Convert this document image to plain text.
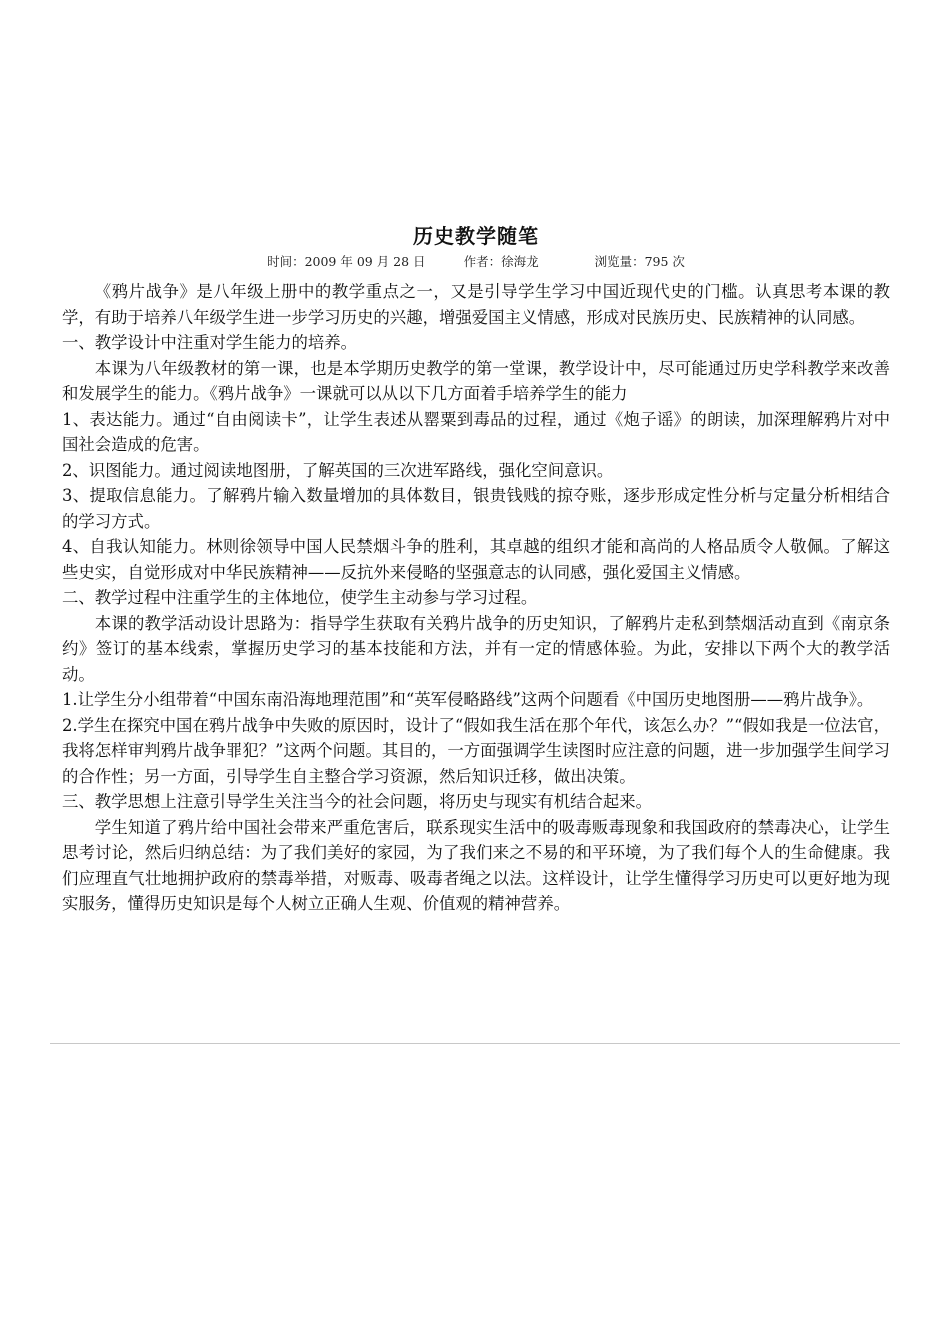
历史教学随笔
时间：2009 年 09 月 28 日	作者：徐海龙	浏览量：795 次

《鸦片战争》是八年级上册中的教学重点之一，又是引导学生学习中国近现代史的门槛。认真思考本课的教学，有助于培养八年级学生进一步学习历史的兴趣，增强爱国主义情感，形成对民族历史、民族精神的认同感。

一、教学设计中注重对学生能力的培养。

本课为八年级教材的第一课，也是本学期历史教学的第一堂课，教学设计中，尽可能通过历史学科教学来改善和发展学生的能力。《鸦片战争》一课就可以从以下几方面着手培养学生的能力

1、表达能力。通过“自由阅读卡”，让学生表述从罂粟到毒品的过程，通过《炮子谣》的朗读，加深理解鸦片对中国社会造成的危害。

2、识图能力。通过阅读地图册，了解英国的三次进军路线，强化空间意识。

3、提取信息能力。了解鸦片输入数量增加的具体数目，银贵钱贱的掠夺账，逐步形成定性分析与定量分析相结合的学习方式。

4、自我认知能力。林则徐领导中国人民禁烟斗争的胜利，其卓越的组织才能和高尚的人格品质令人敬佩。了解这些史实，自觉形成对中华民族精神——反抗外来侵略的坚强意志的认同感，强化爱国主义情感。

二、教学过程中注重学生的主体地位，使学生主动参与学习过程。

本课的教学活动设计思路为：指导学生获取有关鸦片战争的历史知识，了解鸦片走私到禁烟活动直到《南京条约》签订的基本线索，掌握历史学习的基本技能和方法，并有一定的情感体验。为此，安排以下两个大的教学活动。

1.让学生分小组带着“中国东南沿海地理范围”和“英军侵略路线”这两个问题看《中国历史地图册——鸦片战争》。

2.学生在探究中国在鸦片战争中失败的原因时，设计了“假如我生活在那个年代，该怎么办？”“假如我是一位法官，我将怎样审判鸦片战争罪犯？”这两个问题。其目的，一方面强调学生读图时应注意的问题，进一步加强学生间学习的合作性；另一方面，引导学生自主整合学习资源，然后知识迁移，做出决策。

三、教学思想上注意引导学生关注当今的社会问题，将历史与现实有机结合起来。

学生知道了鸦片给中国社会带来严重危害后，联系现实生活中的吸毒贩毒现象和我国政府的禁毒决心，让学生思考讨论，然后归纳总结：为了我们美好的家园，为了我们来之不易的和平环境，为了我们每个人的生命健康。我们应理直气壮地拥护政府的禁毒举措，对贩毒、吸毒者绳之以法。这样设计，让学生懂得学习历史可以更好地为现实服务，懂得历史知识是每个人树立正确人生观、价值观的精神营养。
